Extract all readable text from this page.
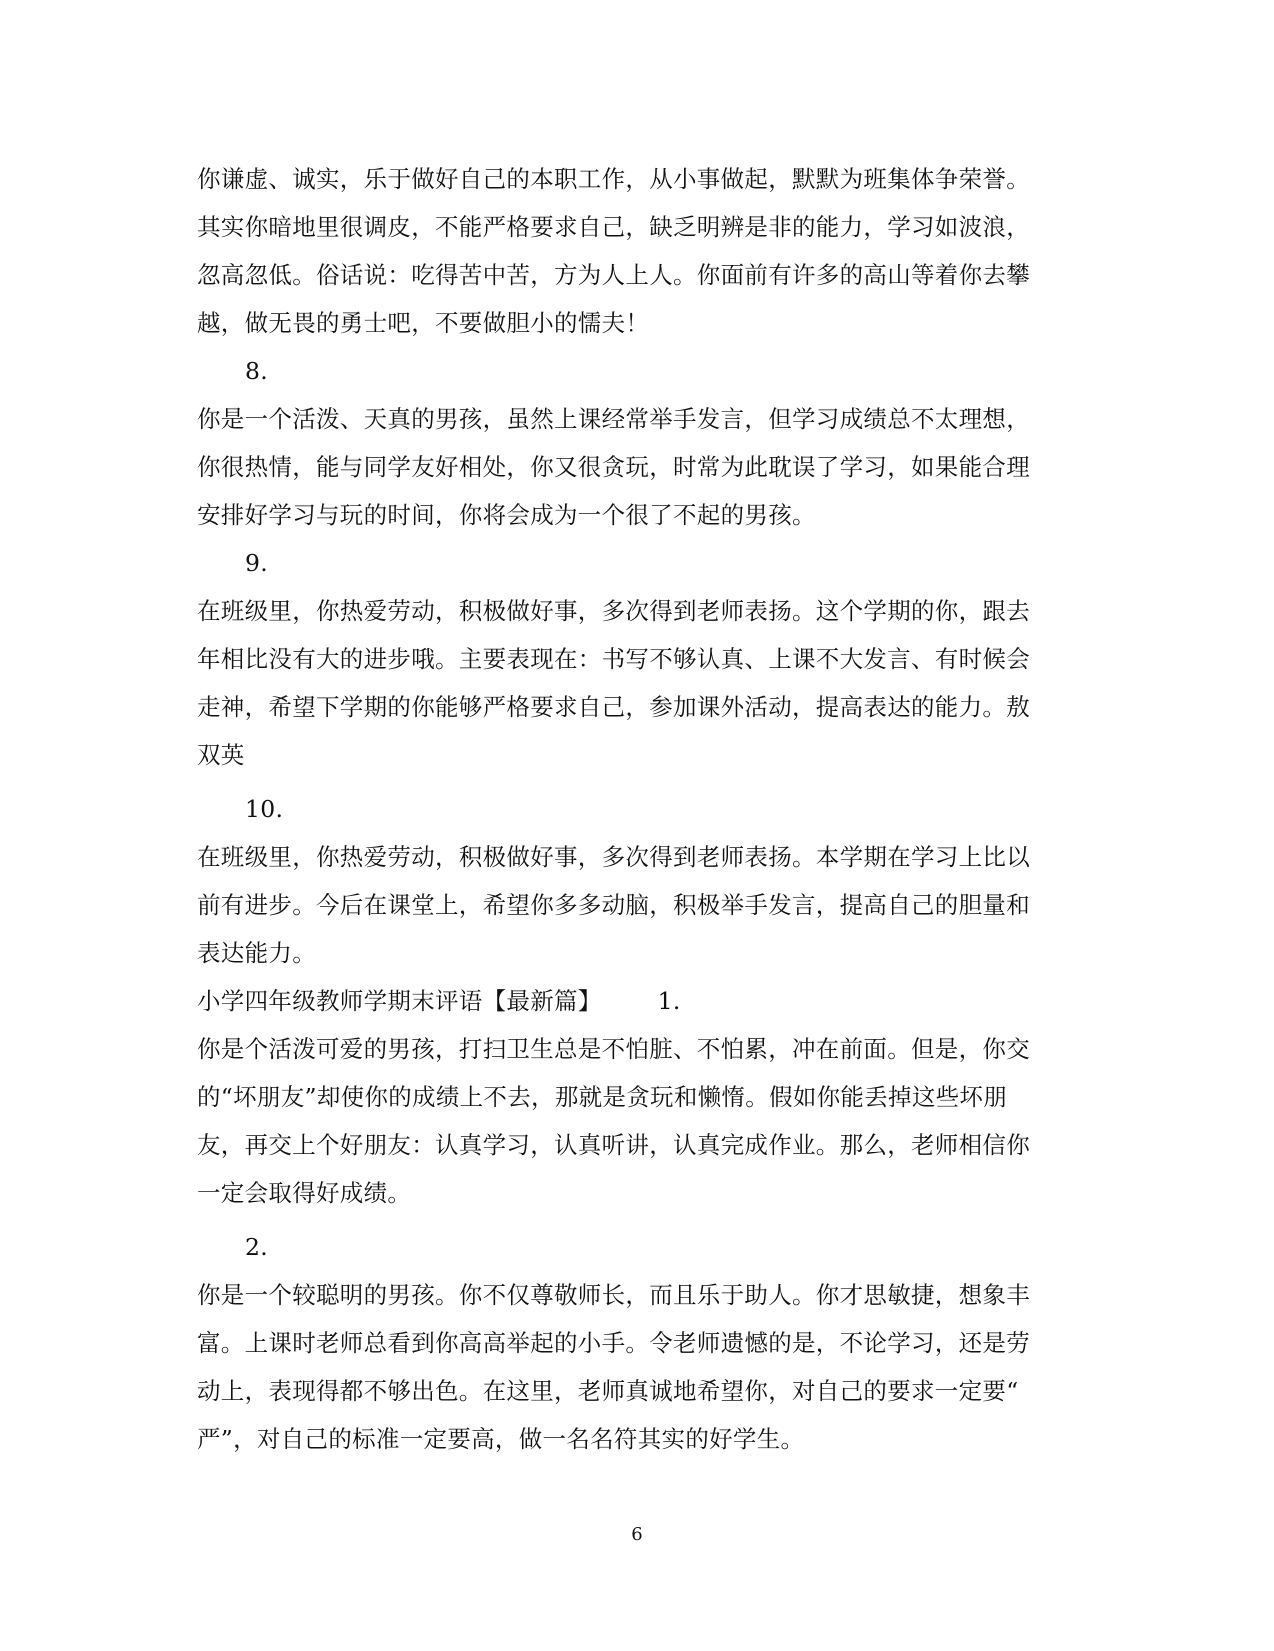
你谦虚、诚实，乐于做好自己的本职工作，从小事做起，默默为班集体争荣誉。
其实你暗地里很调皮，不能严格要求自己，缺乏明辨是非的能力，学习如波浪，
忽高忽低。俗话说：吃得苦中苦，方为人上人。你面前有许多的高山等着你去攀
越，做无畏的勇士吧，不要做胆小的懦夫！
8.
你是一个活泼、天真的男孩，虽然上课经常举手发言，但学习成绩总不太理想，
你很热情，能与同学友好相处，你又很贪玩，时常为此耽误了学习，如果能合理
安排好学习与玩的时间，你将会成为一个很了不起的男孩。
9.
在班级里，你热爱劳动，积极做好事，多次得到老师表扬。这个学期的你，跟去
年相比没有大的进步哦。主要表现在：书写不够认真、上课不大发言、有时候会
走神，希望下学期的你能够严格要求自己，参加课外活动，提高表达的能力。敖
双英
10.
在班级里，你热爱劳动，积极做好事，多次得到老师表扬。本学期在学习上比以
前有进步。今后在课堂上，希望你多多动脑，积极举手发言，提高自己的胆量和
表达能力。
小学四年级教师学期末评语【最新篇】 1.
你是个活泼可爱的男孩，打扫卫生总是不怕脏、不怕累，冲在前面。但是，你交
的“坏朋友”却使你的成绩上不去，那就是贪玩和懒惰。假如你能丢掉这些坏朋
友，再交上个好朋友：认真学习，认真听讲，认真完成作业。那么，老师相信你
一定会取得好成绩。
2.
你是一个较聪明的男孩。你不仅尊敬师长，而且乐于助人。你才思敏捷，想象丰
富。上课时老师总看到你高高举起的小手。令老师遗憾的是，不论学习，还是劳
动上，表现得都不够出色。在这里，老师真诚地希望你，对自己的要求一定要“
严”，对自己的标准一定要高，做一名名符其实的好学生。
6
